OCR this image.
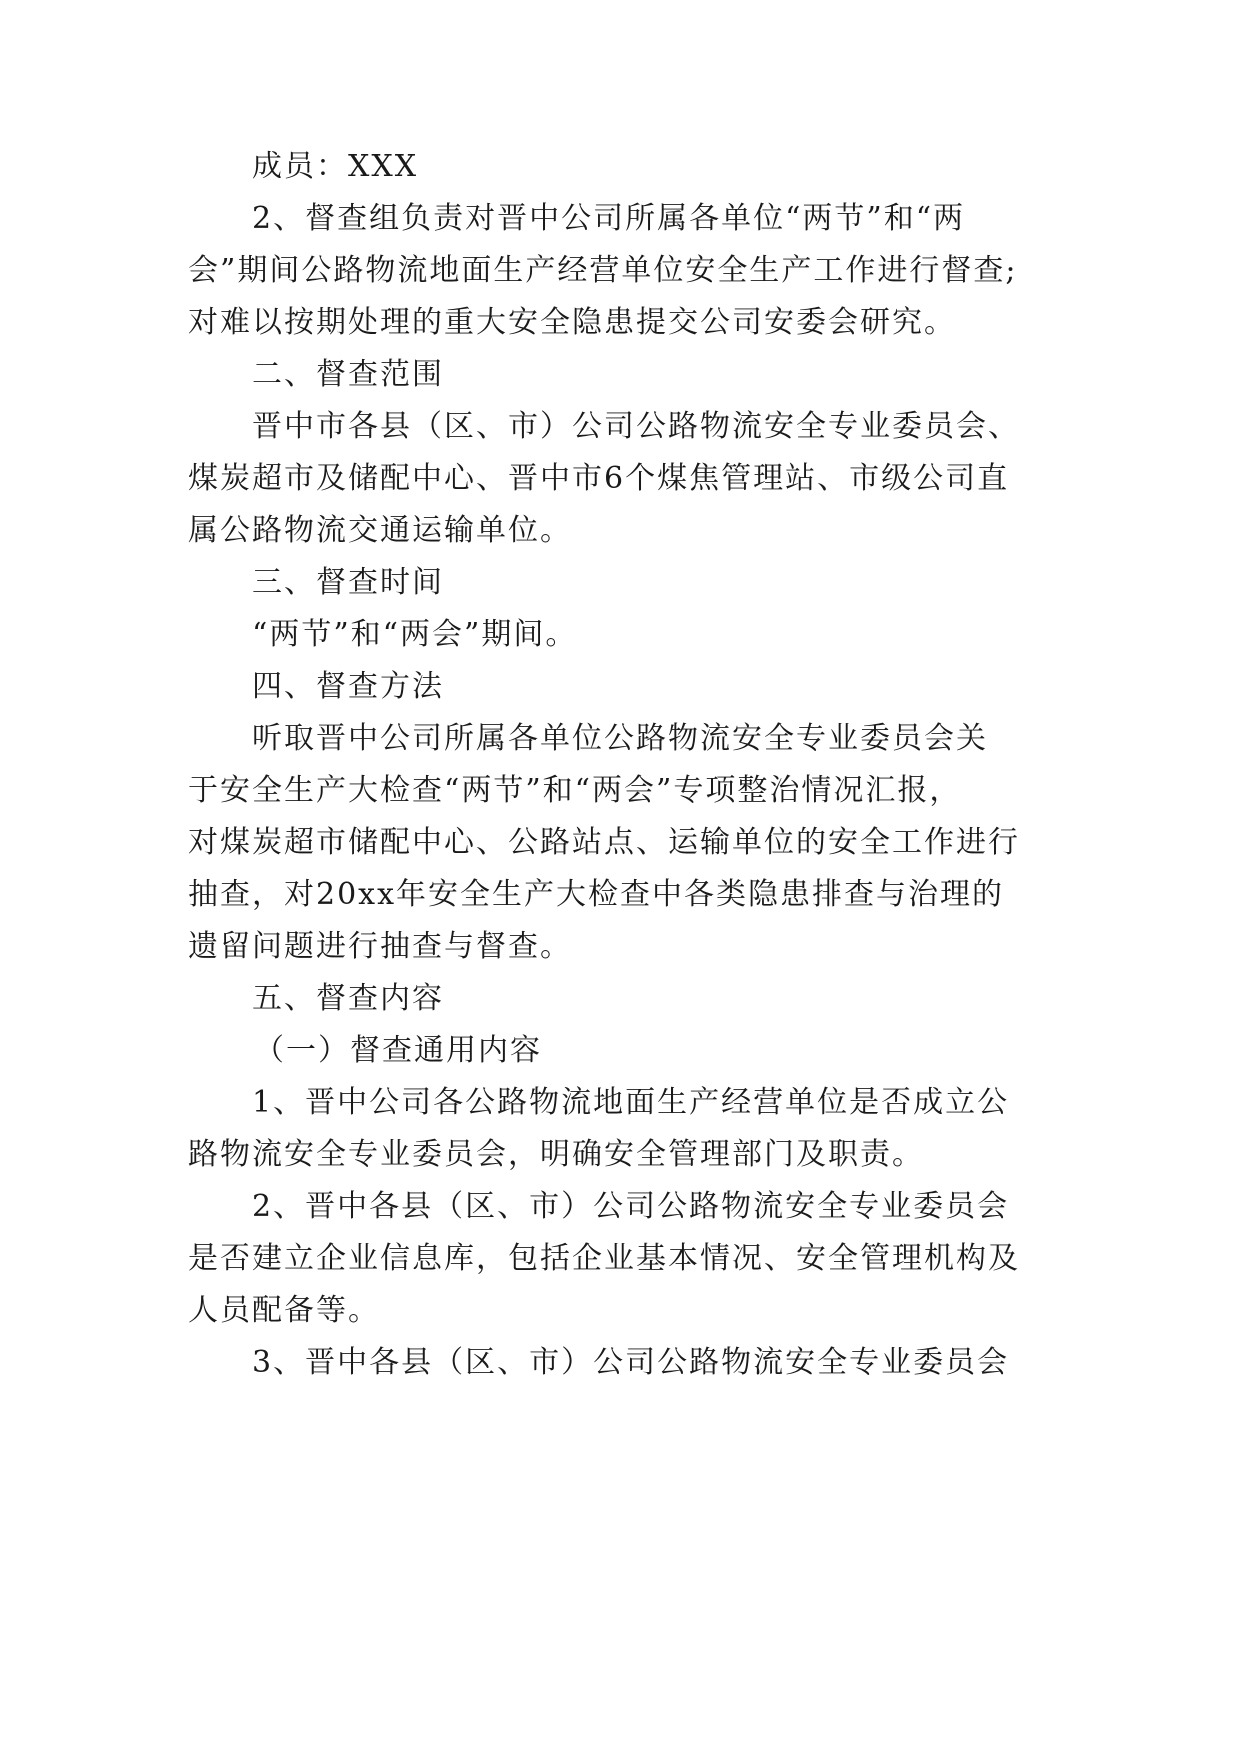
成员：XXX
2、督查组负责对晋中公司所属各单位“两节”和“两
会”期间公路物流地面生产经营单位安全生产工作进行督查;
对难以按期处理的重大安全隐患提交公司安委会研究。
二、督查范围
晋中市各县（区、市）公司公路物流安全专业委员会、
煤炭超市及储配中心、晋中市6个煤焦管理站、市级公司直
属公路物流交通运输单位。
三、督查时间
“两节”和“两会”期间。
四、督查方法
听取晋中公司所属各单位公路物流安全专业委员会关
于安全生产大检查“两节”和“两会”专项整治情况汇报，
对煤炭超市储配中心、公路站点、运输单位的安全工作进行
抽查，对20xx年安全生产大检查中各类隐患排查与治理的
遗留问题进行抽查与督查。
五、督查内容
（一）督查通用内容
1、晋中公司各公路物流地面生产经营单位是否成立公
路物流安全专业委员会，明确安全管理部门及职责。
2、晋中各县（区、市）公司公路物流安全专业委员会
是否建立企业信息库，包括企业基本情况、安全管理机构及
人员配备等。
3、晋中各县（区、市）公司公路物流安全专业委员会
